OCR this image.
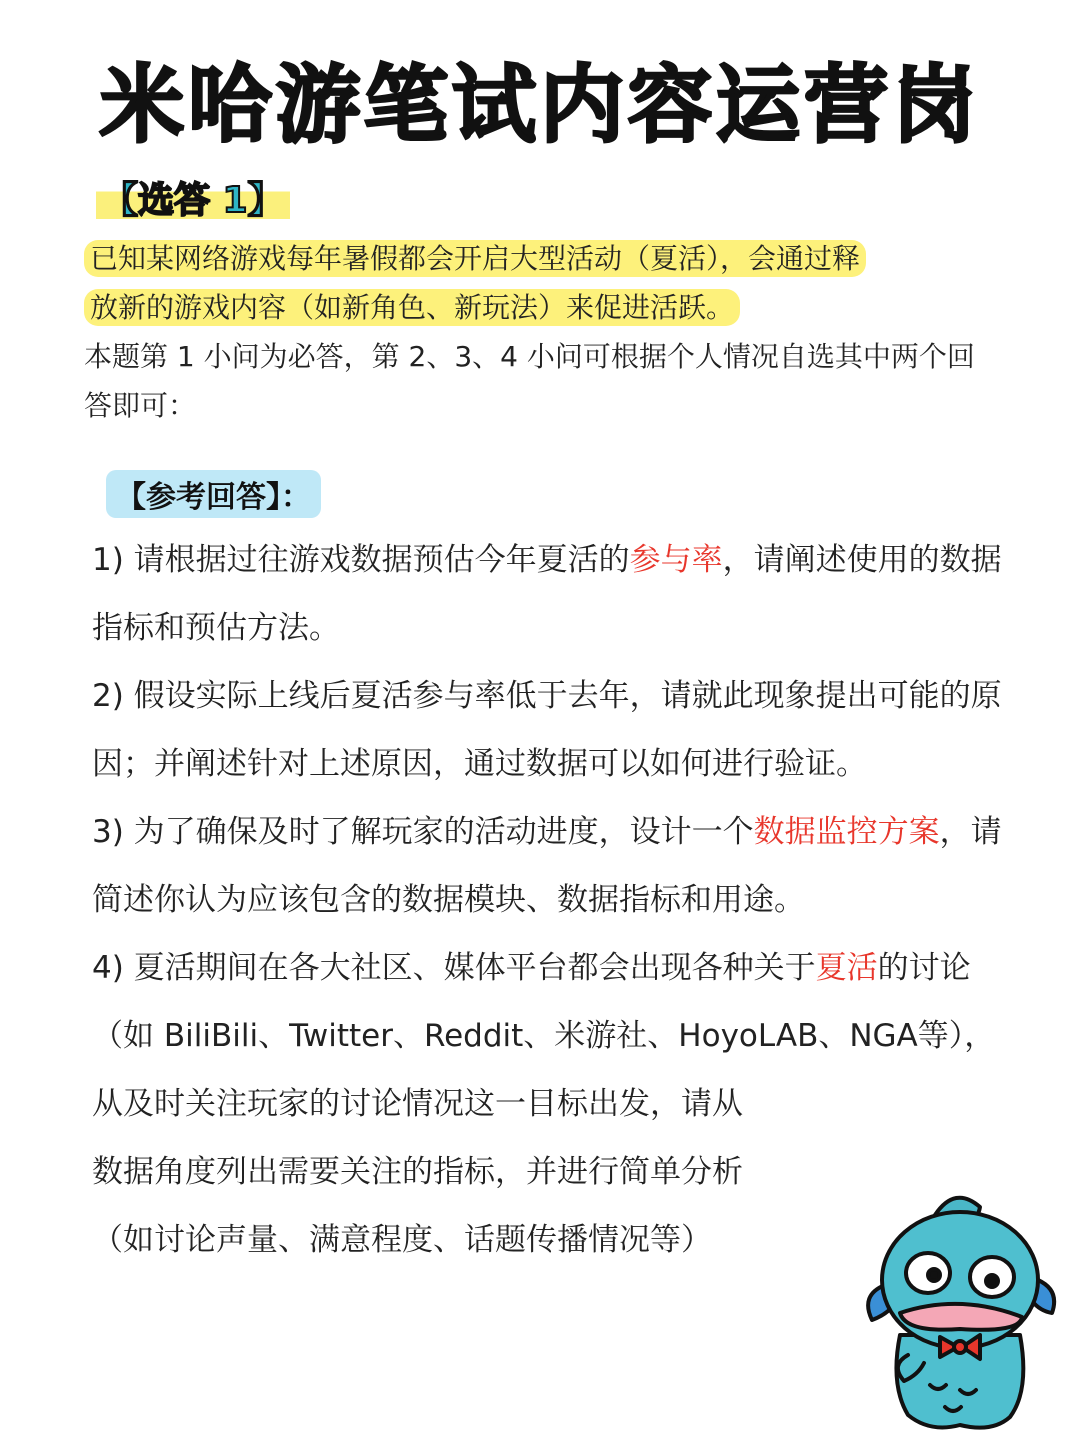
米哈游笔试内容运营岗
【选答 1】
已知某网络游戏每年暑假都会开启大型活动（夏活），会通过释
放新的游戏内容（如新角色、新玩法）来促进活跃。
本题第 1 小问为必答，第 2、3、4 小问可根据个人情况自选其中两个回答即可：
【参考回答】：

1) 请根据过往游戏数据预估今年夏活的参与率，请阐述使用的数据指标和预估方法。

2) 假设实际上线后夏活参与率低于去年，请就此现象提出可能的原因；并阐述针对上述原因，通过数据可以如何进行验证。

3) 为了确保及时了解玩家的活动进度，设计一个数据监控方案，请简述你认为应该包含的数据模块、数据指标和用途。

4) 夏活期间在各大社区、媒体平台都会出现各种关于夏活的讨论（如 BiliBili、Twitter、Reddit、米游社、HoyoLAB、NGA等），从及时关注玩家的讨论情况这一目标出发，请从

数据角度列出需要关注的指标，并进行简单分析

（如讨论声量、满意程度、话题传播情况等）
